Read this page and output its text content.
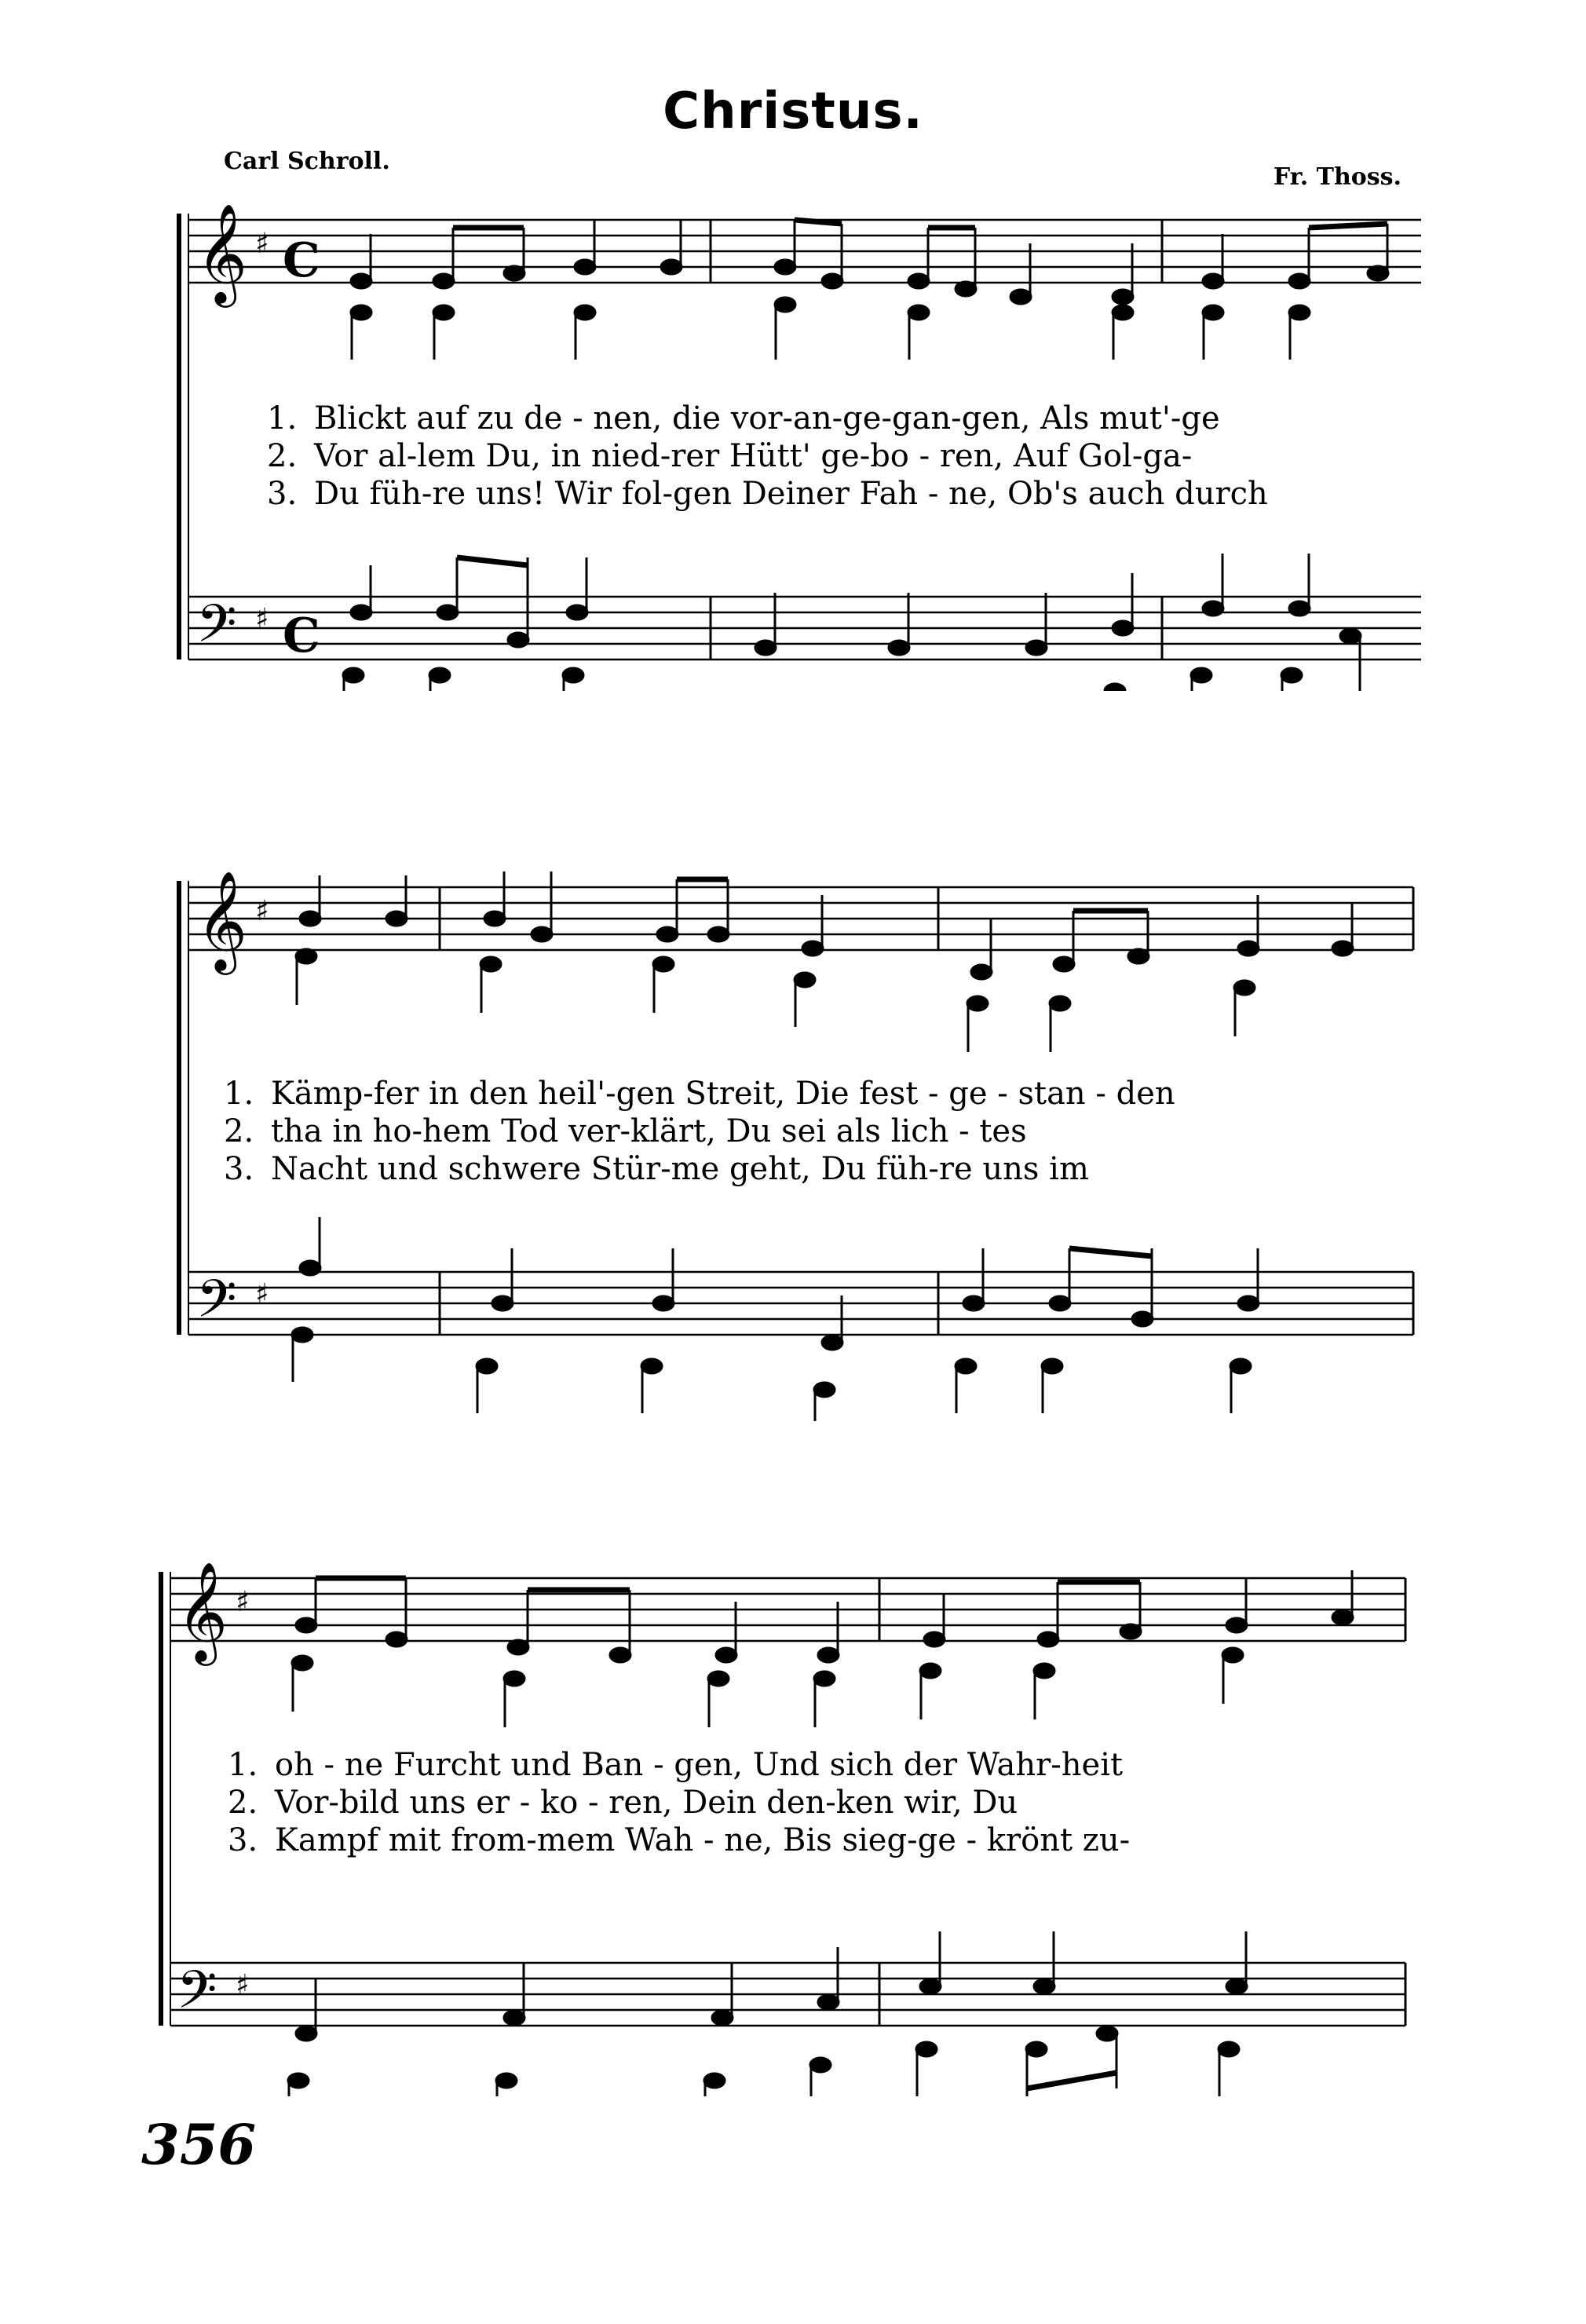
Christus.
Carl Schroll.
Fr. Thoss.
𝄞
𝄢
♯
♯
C
C
1. Blickt auf zu de - nen, die vor-an-ge-gan-gen, Als mut'-ge
2. Vor al-lem Du, in nied-rer Hütt' ge-bo - ren, Auf Gol-ga-
3. Du füh-re uns! Wir fol-gen Deiner Fah - ne, Ob's auch durch
𝄞
𝄢
♯
♯
1. Kämp-fer in den heil'-gen Streit, Die fest - ge - stan - den
2. tha in ho-hem Tod ver-klärt, Du sei als lich - tes
3. Nacht und schwere Stür-me geht, Du füh-re uns im
𝄞
𝄢
♯
♯
1. oh - ne Furcht und Ban - gen, Und sich der Wahr-heit
2. Vor-bild uns er - ko - ren, Dein den-ken wir, Du
3. Kampf mit from-mem Wah - ne, Bis sieg-ge - krönt zu-
356
